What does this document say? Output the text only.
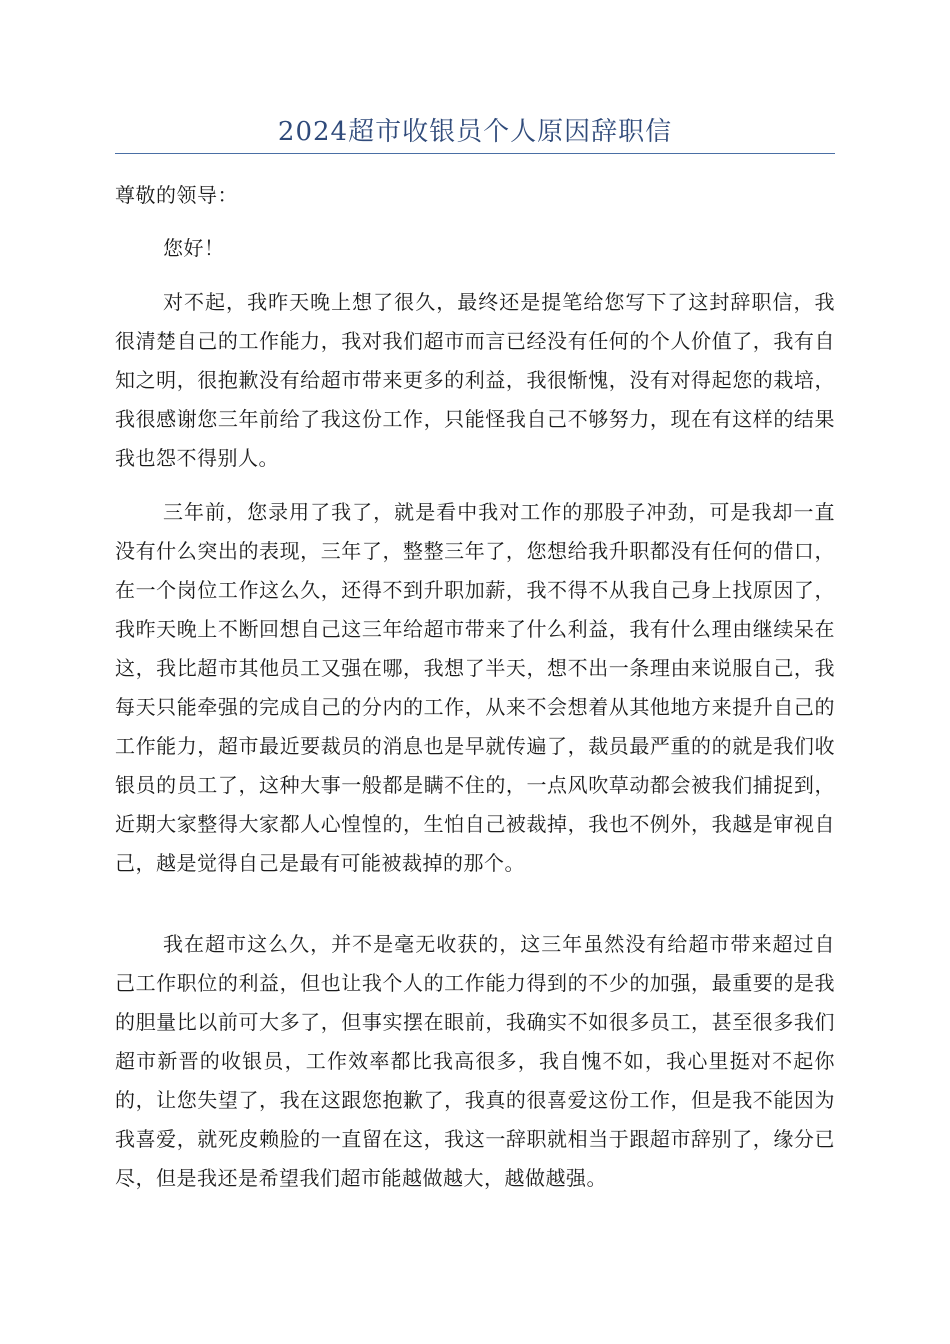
2024超市收银员个人原因辞职信

尊敬的领导：

您好！

对不起，我昨天晚上想了很久，最终还是提笔给您写下了这封辞职信，我很清楚自己的工作能力，我对我们超市而言已经没有任何的个人价值了，我有自知之明，很抱歉没有给超市带来更多的利益，我很惭愧，没有对得起您的栽培，我很感谢您三年前给了我这份工作，只能怪我自己不够努力，现在有这样的结果我也怨不得别人。

三年前，您录用了我了，就是看中我对工作的那股子冲劲，可是我却一直没有什么突出的表现，三年了，整整三年了，您想给我升职都没有任何的借口，在一个岗位工作这么久，还得不到升职加薪，我不得不从我自己身上找原因了，我昨天晚上不断回想自己这三年给超市带来了什么利益，我有什么理由继续呆在这，我比超市其他员工又强在哪，我想了半天，想不出一条理由来说服自己，我每天只能牵强的完成自己的分内的工作，从来不会想着从其他地方来提升自己的工作能力，超市最近要裁员的消息也是早就传遍了，裁员最严重的的就是我们收银员的员工了，这种大事一般都是瞒不住的，一点风吹草动都会被我们捕捉到，近期大家整得大家都人心惶惶的，生怕自己被裁掉，我也不例外，我越是审视自己，越是觉得自己是最有可能被裁掉的那个。

我在超市这么久，并不是毫无收获的，这三年虽然没有给超市带来超过自己工作职位的利益，但也让我个人的工作能力得到的不少的加强，最重要的是我的胆量比以前可大多了，但事实摆在眼前，我确实不如很多员工，甚至很多我们超市新晋的收银员，工作效率都比我高很多，我自愧不如，我心里挺对不起你的，让您失望了，我在这跟您抱歉了，我真的很喜爱这份工作，但是我不能因为我喜爱，就死皮赖脸的一直留在这，我这一辞职就相当于跟超市辞别了，缘分已尽，但是我还是希望我们超市能越做越大，越做越强。
